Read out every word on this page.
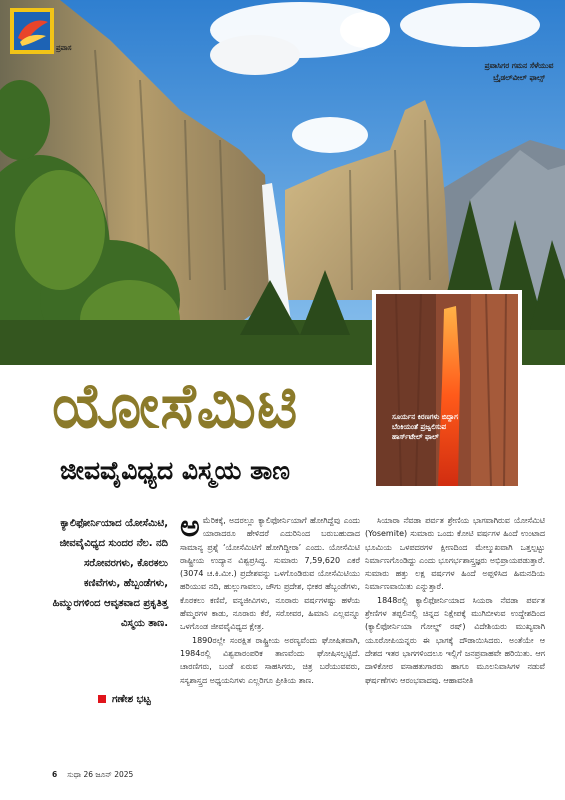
ಪ್ರವಾಸ
ಪ್ರವಾಸಿಗರ ಗಮನ ಸೆಳೆಯುವ ಬ್ರೈಡಲ್‌ವೀಲ್ ಫಾಲ್ಸ್
ಸೂರ್ಯನ ಕಿರಣಗಳು ಬಿದ್ದಾಗ ಬೆಂಕಿಯಂತೆ ಪ್ರಜ್ವಲಿಸುವ ಹಾರ್ಸ್‌ಟೇಲ್ ಫಾಲ್
ಯೋಸೆಮಿಟಿ
ಜೀವವೈವಿಧ್ಯದ ವಿಸ್ಮಯ ತಾಣ
ಕ್ಯಾಲಿಫೋರ್ನಿಯಾದ ಯೋಸೆಮಿಟಿ, ಜೀವವೈವಿಧ್ಯದ ಸುಂದರ ನೆಲ. ನದಿ ಸರೋವರಗಳು, ಕೊರಕಲು ಕಣಿವೆಗಳು, ಹೆಬ್ಬಂಡೆಗಳು, ಹಿಮ್ಮುರಗಳಿಂದ ಆವೃತವಾದ ಪ್ರಕೃತಿತ್ತ ವಿಸ್ಮಯ ತಾಣ.
ಗಣೇಶ ಭಟ್ಟ

ಅಮೆರಿಕಕ್ಕೆ, ಅದರಲ್ಲೂ ಕ್ಯಾಲಿಫೋರ್ನಿಯಾಗೆ ಹೋಗಿದ್ದೆವು ಎಂದು ಯಾರಾದರೂ ಹೇಳಿದರೆ ಎದುರಿನಿಂದ ಬರುಬಹುದಾದ ಸಾಮಾನ್ಯ ಪ್ರಶ್ನೆ ‘ಯೋಸೆಮಿಟಿಗೆ ಹೋಗಿದ್ದೀರಾ’ ಎಂದು. ಯೋಸೆಮಿಟಿ ರಾಷ್ಟ್ರೀಯ ಉದ್ಯಾನ ವಿಶ್ವಪ್ರಸಿದ್ಧ. ಸುಮಾರು 7,59,620 ಎಕರೆ (3074 ಚ.ಕಿ.ಮೀ.) ಪ್ರದೇಶವನ್ನು ಒಳಗೊಂಡಿರುವ ಯೋಸೆಮಿಟಿಯು ಹರಿಯುವ ನದಿ, ಹುಲ್ಲುಗಾವಲು, ಜೌಗು ಪ್ರದೇಶ, ಭೀಕರ ಹೆಬ್ಬಂಡೆಗಳು, ಕೊರಕಲು ಕಣಿವೆ, ವನ್ಯಜೀವಿಗಳು, ನೂರಾರು ವರ್ಷಗಳಷ್ಟು ಹಳೆಯ ಹೆಮ್ಮರಗಳ ಕಾಡು, ನೂರಾರು ಕೆರೆ, ಸರೋವರ, ಹಿಮಾನಿ ಎಲ್ಲವನ್ನೂ ಒಳಗೊಂಡ ಜೀವವೈವಿಧ್ಯದ ಕ್ಷೇತ್ರ.

1890ರಲ್ಲೇ ಸಂರಕ್ಷಿತ ರಾಷ್ಟ್ರೀಯ ಅರಣ್ಯವೆಂದು ಘೋಷಿತವಾಗಿ, 1984ರಲ್ಲಿ ವಿಶ್ವಪಾರಂಪರಿಕ ತಾಣವೆಂದು ಘೋಷಿಸಲ್ಪಟ್ಟಿದೆ. ಚಾರಣಿಗರು, ಬಂಡೆ ಏರುವ ಸಾಹಸಿಗರು, ಚಿತ್ರ ಬರೆಯುವವರು, ಸಸ್ಯಶಾಸ್ತ್ರದ ಅಧ್ಯಯನಿಗಳು ಎಲ್ಲರಿಗೂ ಪ್ರೀತಿಯ ತಾಣ.

ಸಿಯಾರಾ ನೆವಡಾ ಪರ್ವತ ಶ್ರೇಣಿಯ ಭಾಗವಾಗಿರುವ ಯೋಸೆಮಿಟಿ (Yosemite) ಸುಮಾರು ಒಂದು ಕೋಟಿ ವರ್ಷಗಳ ಹಿಂದೆ ಉಂಟಾದ ಭೂಮಿಯ ಒಳಪದರಗಳ ಕ್ಷೀಣದಿಂದ ಮೇಲ್ಮುಖವಾಗಿ ಒತ್ತಲ್ಪಟ್ಟು ನಿರ್ಮಾಣಗೊಂಡಿದ್ದು ಎಂದು ಭೂಗರ್ಭಶಾಸ್ತ್ರಜ್ಞರು ಅಭಿಪ್ರಾಯಪಡುತ್ತಾರೆ. ಸುಮಾರು ಹತ್ತು ಲಕ್ಷ ವರ್ಷಗಳ ಹಿಂದೆ ಅಪ್ಪಳಿಸಿದ ಹಿಮನದಿಯ ನಿರ್ಮಾಣವಾಯಿತು ಎನ್ನುತ್ತಾರೆ.

1848ರಲ್ಲಿ ಕ್ಯಾಲಿಫೋರ್ನಿಯಾದ ಸಿಯರಾ ನೆವಡಾ ಪರ್ವತ ಶ್ರೇಣಿಗಳ ತಪ್ಪಲಿನಲ್ಲಿ ಚಿನ್ನದ ನಿಕ್ಷೇಪಕ್ಕೆ ಮುಗಿಬೀಳುವ ಉದ್ದೇಶದಿಂದ (ಕ್ಯಾಲಿಫೋರ್ನಿಯಾ ಗೋಲ್ಡ್ ರಷ್) ವಿದೇಶಿಯರು ಮುಖ್ಯವಾಗಿ ಯೂರೋಪಿಯನ್ನರು ಈ ಭಾಗಕ್ಕೆ ದೌಡಾಯಿಸಿದರು. ಅಂತೆಯೇ ಆ ದೇಶದ ಇತರ ಭಾಗಗಳಿಂದಲೂ ಇಲ್ಲಿಗೆ ಜನಪ್ರವಾಹವೇ ಹರಿಯಿತು. ಆಗ ದಾಳಿಕೋರ ವಸಾಹತುಗಾರರು ಹಾಗೂ ಮೂಲನಿವಾಸಿಗಳ ನಡುವೆ ಘರ್ಷಣೆಗಳು ಆರಂಭವಾದವು. ಆಹಾವನೀತಿ

6 ಸುಧಾ 26 ಜೂನ್ 2025
